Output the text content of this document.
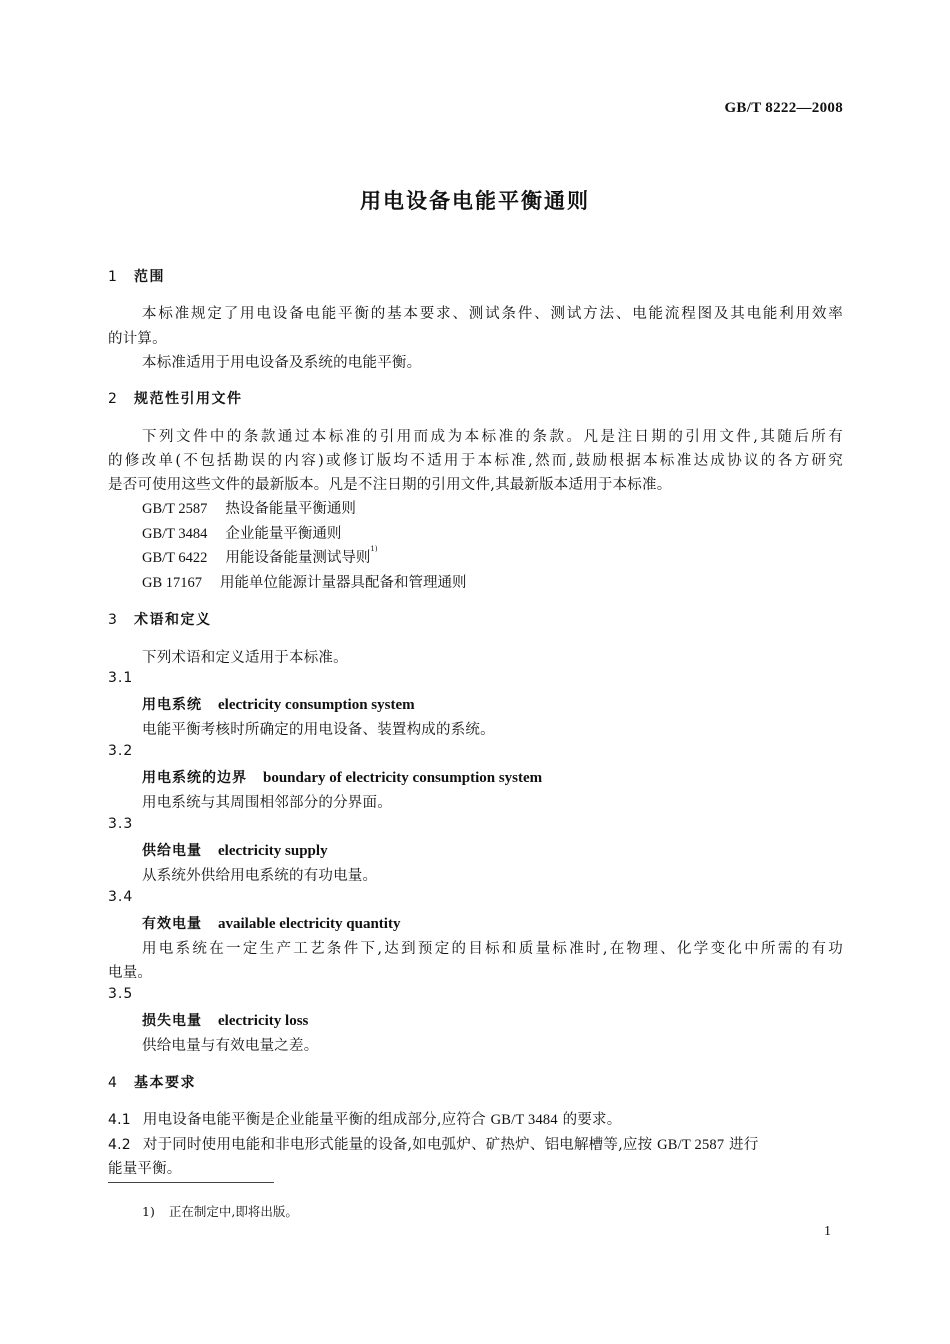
GB/T 8222—2008

用电设备电能平衡通则

1 范围

本标准规定了用电设备电能平衡的基本要求、测试条件、测试方法、电能流程图及其电能利用效率

的计算。

本标准适用于用电设备及系统的电能平衡。

2 规范性引用文件

下列文件中的条款通过本标准的引用而成为本标准的条款。凡是注日期的引用文件,其随后所有

的修改单(不包括勘误的内容)或修订版均不适用于本标准,然而,鼓励根据本标准达成协议的各方研究

是否可使用这些文件的最新版本。凡是不注日期的引用文件,其最新版本适用于本标准。

GB/T 2587 热设备能量平衡通则

GB/T 3484 企业能量平衡通则

GB/T 6422 用能设备能量测试导则$^{1)}$

GB 17167 用能单位能源计量器具配备和管理通则

3 术语和定义

下列术语和定义适用于本标准。

3.1

用电系统 electricity consumption system

电能平衡考核时所确定的用电设备、装置构成的系统。

3.2

用电系统的边界 boundary of electricity consumption system

用电系统与其周围相邻部分的分界面。

3.3

供给电量 electricity supply

从系统外供给用电系统的有功电量。

3.4

有效电量 available electricity quantity

用电系统在一定生产工艺条件下,达到预定的目标和质量标准时,在物理、化学变化中所需的有功

电量。

3.5

损失电量 electricity loss

供给电量与有效电量之差。

4 基本要求

4.1 用电设备电能平衡是企业能量平衡的组成部分,应符合 GB/T 3484 的要求。

4.2 对于同时使用电能和非电形式能量的设备,如电弧炉、矿热炉、铝电解槽等,应按 GB/T 2587 进行

能量平衡。

1) 正在制定中,即将出版。

1
